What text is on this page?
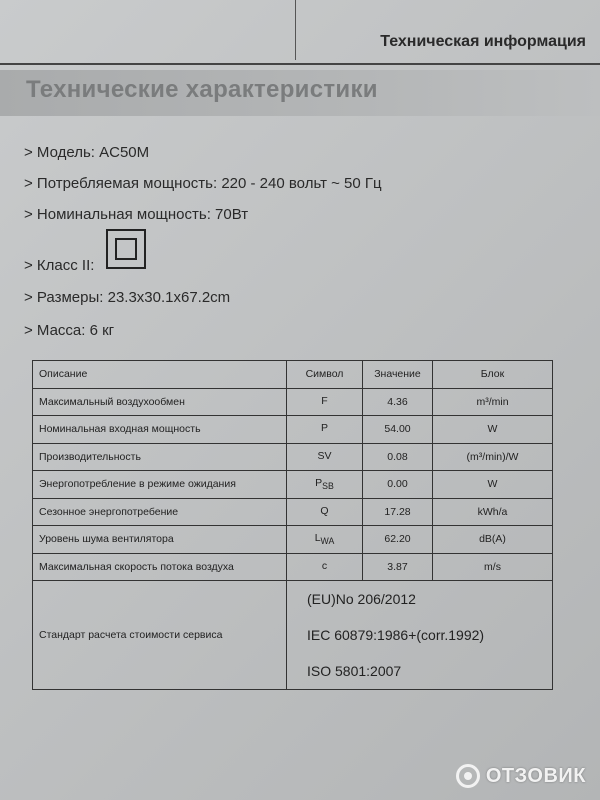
Техническая информация
Технические характеристики
> Модель: AC50M
> Потребляемая мощность: 220 - 240 вольт ~ 50 Гц
> Номинальная мощность: 70Вт
> Класс II:
> Размеры: 23.3x30.1x67.2cm
> Масса: 6 кг
Описание	Символ	Значение	Блок
Максимальный воздухообмен	F	4.36	m³/min
Номинальная входная мощность	P	54.00	W
Производительность	SV	0.08	(m³/min)/W
Энергопотребление в режиме ожидания	$P_{SB}$	0.00	W
Сезонное энергопотребение	Q	17.28	kWh/a
Уровень шума вентилятора	$L_{WA}$	62.20	dB(A)
Максимальная скорость потока воздуха	c	3.87	m/s
Стандарт расчета стоимости сервиса	(EU)No 206/2012
IEC 60879:1986+(corr.1992)
ISO 5801:2007		
ОТЗОВИК
